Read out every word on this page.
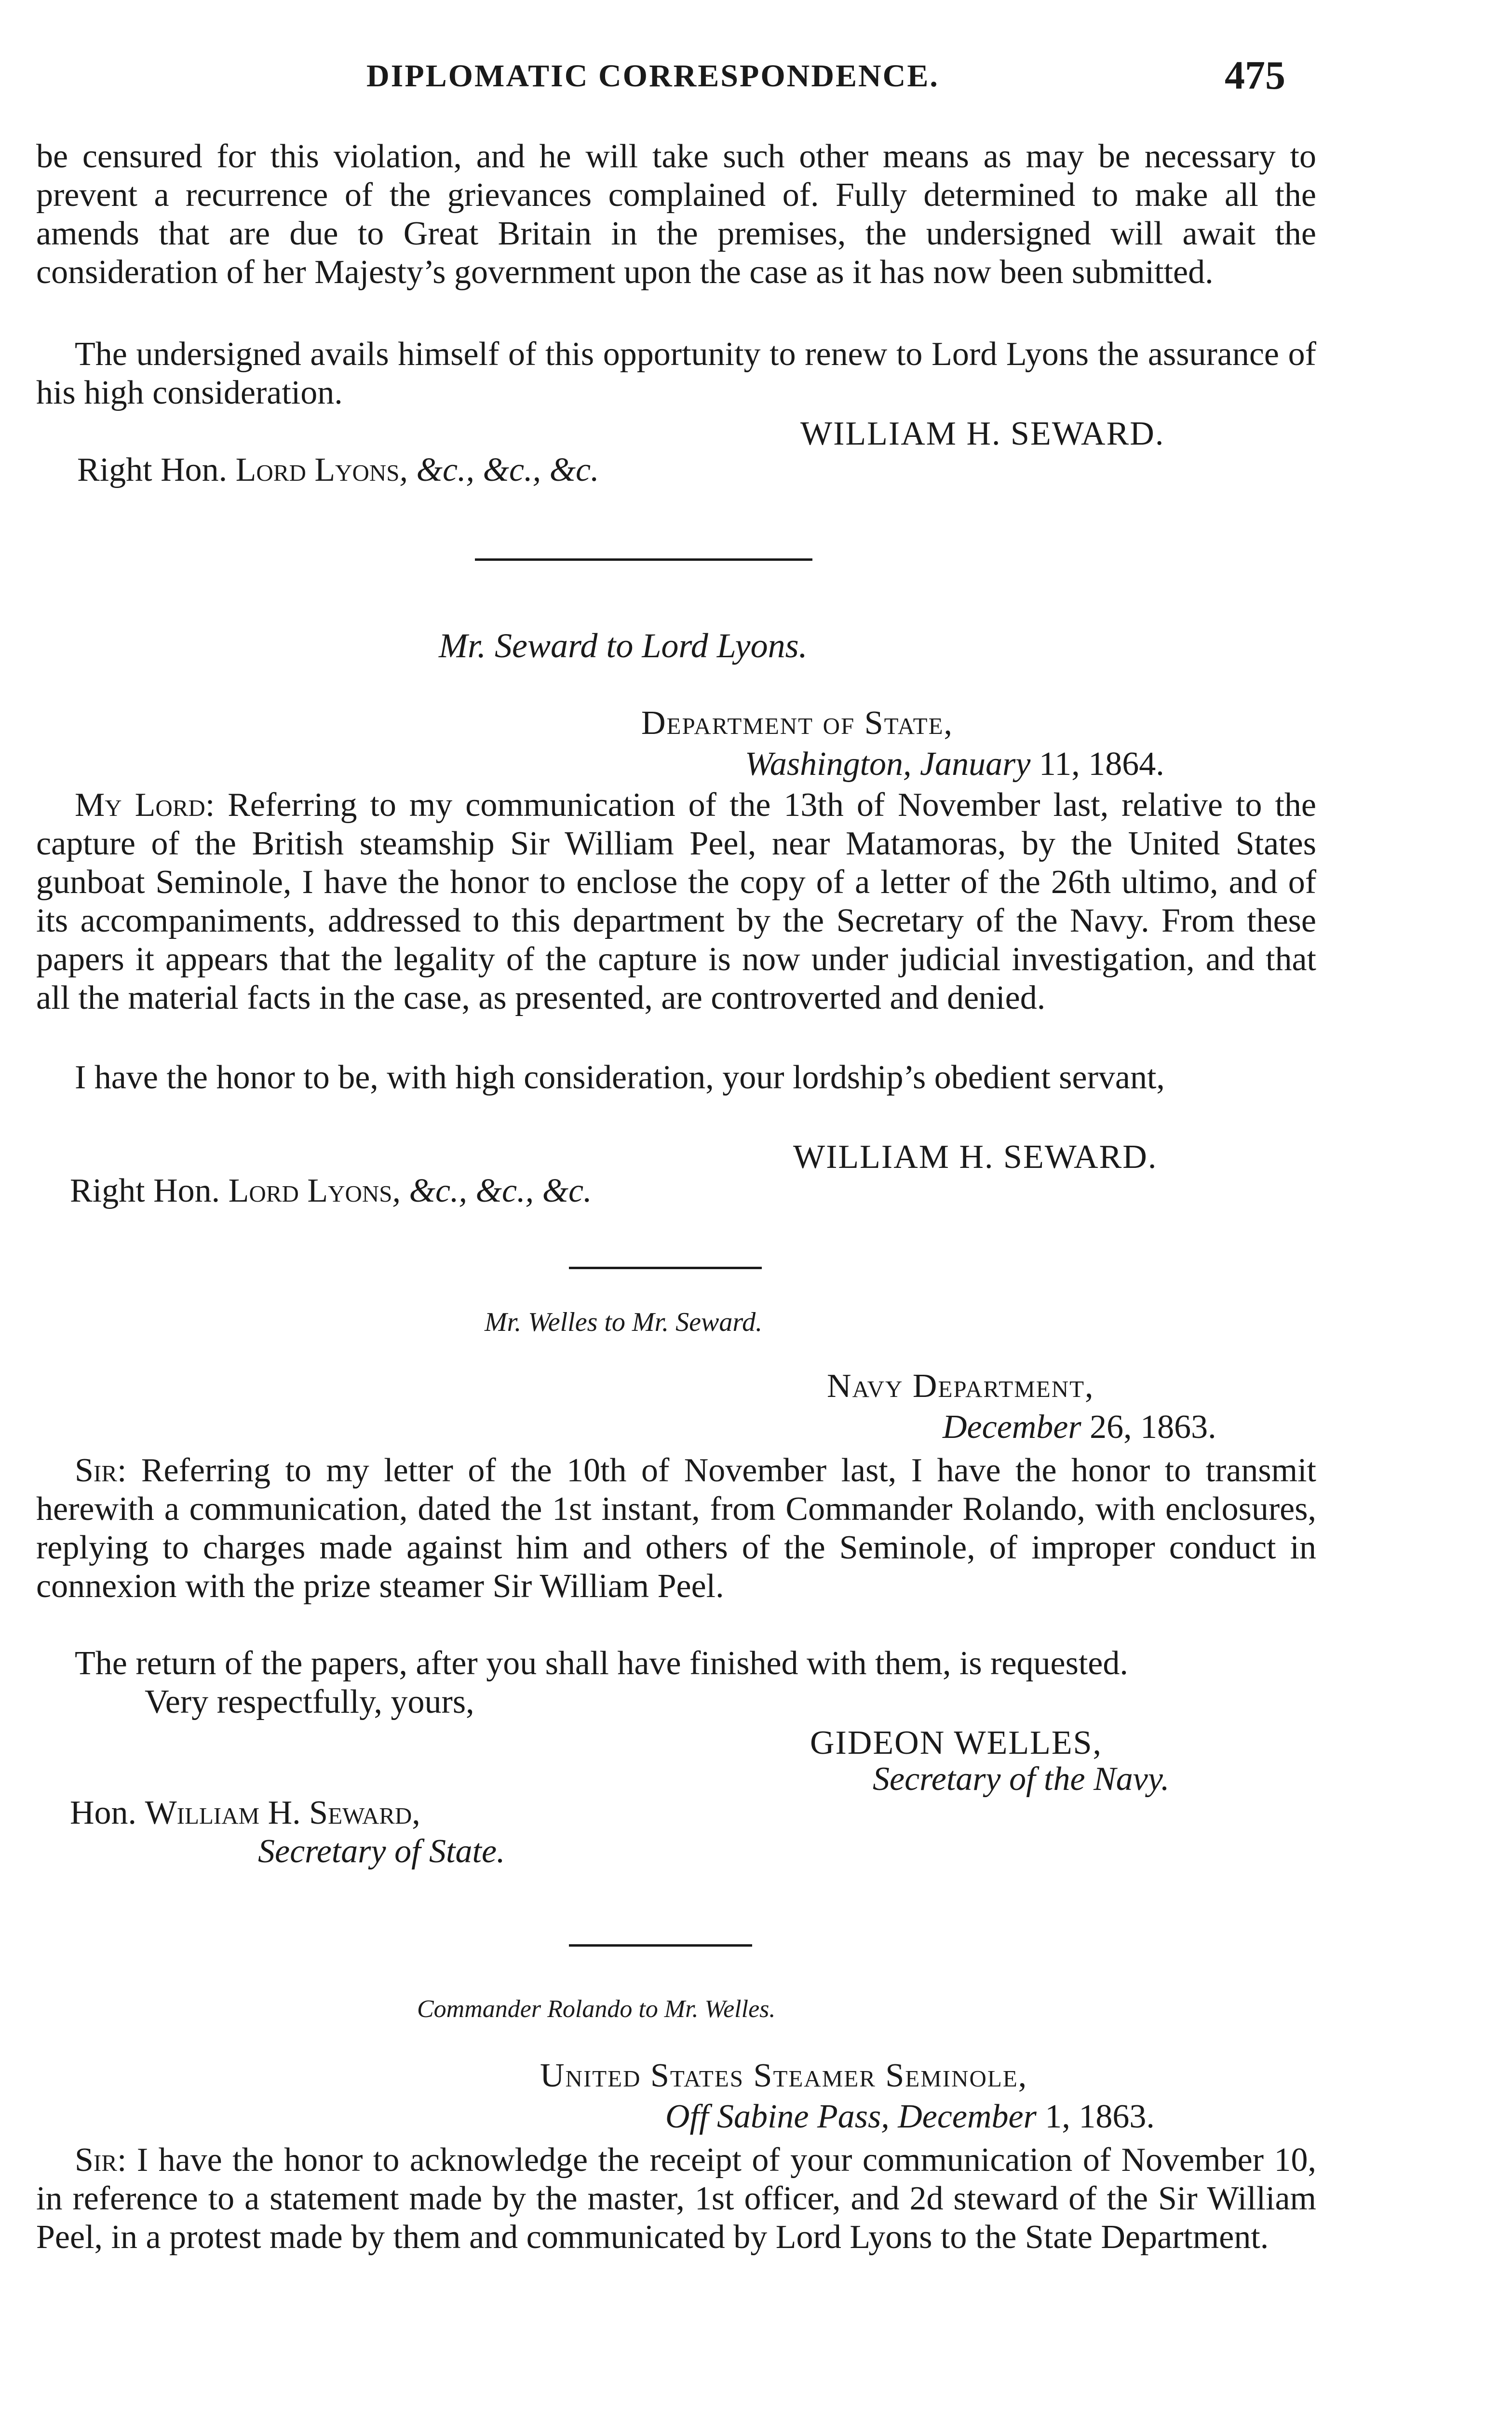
DIPLOMATIC CORRESPONDENCE.	475

be censured for this violation, and he will take such other means as may be necessary to prevent a recurrence of the grievances complained of. Fully determined to make all the amends that are due to Great Britain in the premises, the undersigned will await the consideration of her Majesty’s government upon the case as it has now been submitted.

The undersigned avails himself of this opportunity to renew to Lord Lyons the assurance of his high consideration.

WILLIAM H. SEWARD.
Right Hon. Lord Lyons, &c., &c., &c.
Mr. Seward to Lord Lyons.
Department of State,
Washington, January 11, 1864.

My Lord: Referring to my communication of the 13th of November last, relative to the capture of the British steamship Sir William Peel, near Matamoras, by the United States gunboat Seminole, I have the honor to enclose the copy of a letter of the 26th ultimo, and of its accompaniments, addressed to this department by the Secretary of the Navy. From these papers it appears that the legality of the capture is now under judicial investigation, and that all the material facts in the case, as presented, are controverted and denied.

I have the honor to be, with high consideration, your lordship’s obedient servant,

WILLIAM H. SEWARD.
Right Hon. Lord Lyons, &c., &c., &c.
Mr. Welles to Mr. Seward.
Navy Department,
December 26, 1863.

Sir: Referring to my letter of the 10th of November last, I have the honor to transmit herewith a communication, dated the 1st instant, from Commander Rolando, with enclosures, replying to charges made against him and others of the Seminole, of improper conduct in connexion with the prize steamer Sir William Peel.

The return of the papers, after you shall have finished with them, is requested.

Very respectfully, yours,

GIDEON WELLES,
Secretary of the Navy.
Hon. William H. Seward,
Secretary of State.
Commander Rolando to Mr. Welles.
United States Steamer Seminole,
Off Sabine Pass, December 1, 1863.

Sir: I have the honor to acknowledge the receipt of your communication of November 10, in reference to a statement made by the master, 1st officer, and 2d steward of the Sir William Peel, in a protest made by them and communicated by Lord Lyons to the State Department.
